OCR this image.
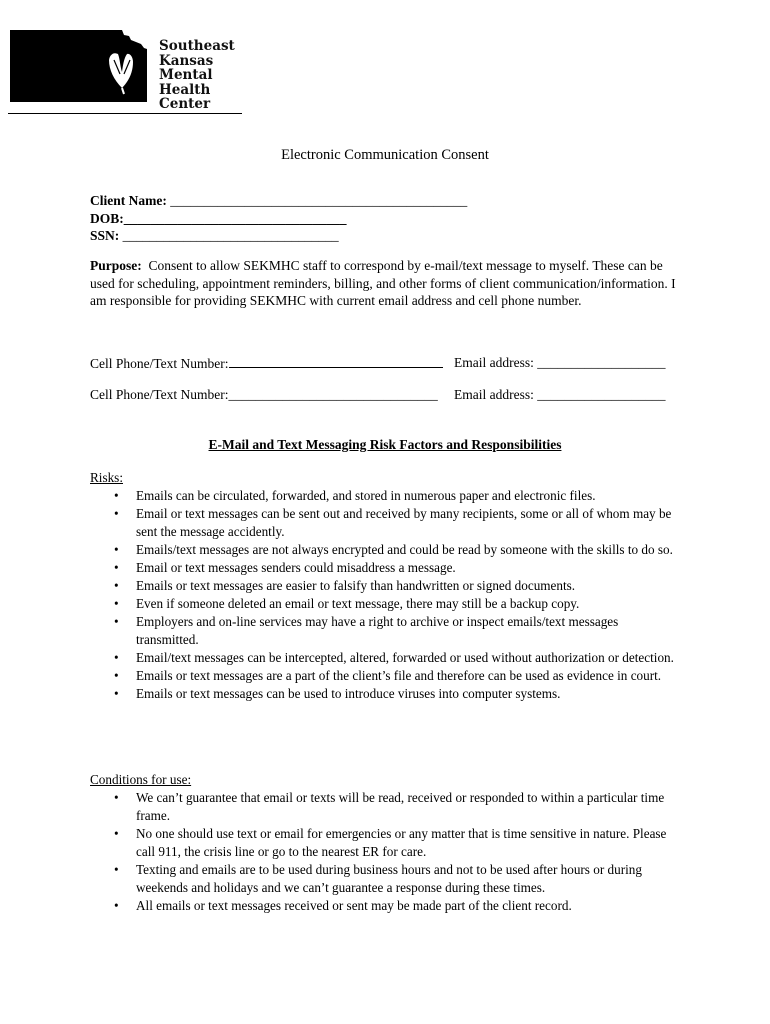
Southeast
Kansas
Mental Health
Center
Electronic Communication Consent
Client Name: ____________________________________________
DOB:_________________________________
SSN: ________________________________
Purpose: Consent to allow SEKMHC staff to correspond by e-mail/text message to myself. These can be used for scheduling, appointment reminders, billing, and other forms of client communication/information. I am responsible for providing SEKMHC with current email address and cell phone number.
Cell Phone/Text Number:	Email address: ___________________
Cell Phone/Text Number:_______________________________ Email address: ___________________
E-Mail and Text Messaging Risk Factors and Responsibilities
Risks:
• Emails can be circulated, forwarded, and stored in numerous paper and electronic files.
• Email or text messages can be sent out and received by many recipients, some or all of whom may be sent the message accidently.
• Emails/text messages are not always encrypted and could be read by someone with the skills to do so.
• Email or text messages senders could misaddress a message.
• Emails or text messages are easier to falsify than handwritten or signed documents.
• Even if someone deleted an email or text message, there may still be a backup copy.
• Employers and on-line services may have a right to archive or inspect emails/text messages transmitted.
• Email/text messages can be intercepted, altered, forwarded or used without authorization or detection.
• Emails or text messages are a part of the client’s file and therefore can be used as evidence in court.
• Emails or text messages can be used to introduce viruses into computer systems.
Conditions for use:
• We can’t guarantee that email or texts will be read, received or responded to within a particular time frame.
• No one should use text or email for emergencies or any matter that is time sensitive in nature. Please call 911, the crisis line or go to the nearest ER for care.
• Texting and emails are to be used during business hours and not to be used after hours or during weekends and holidays and we can’t guarantee a response during these times.
• All emails or text messages received or sent may be made part of the client record.
